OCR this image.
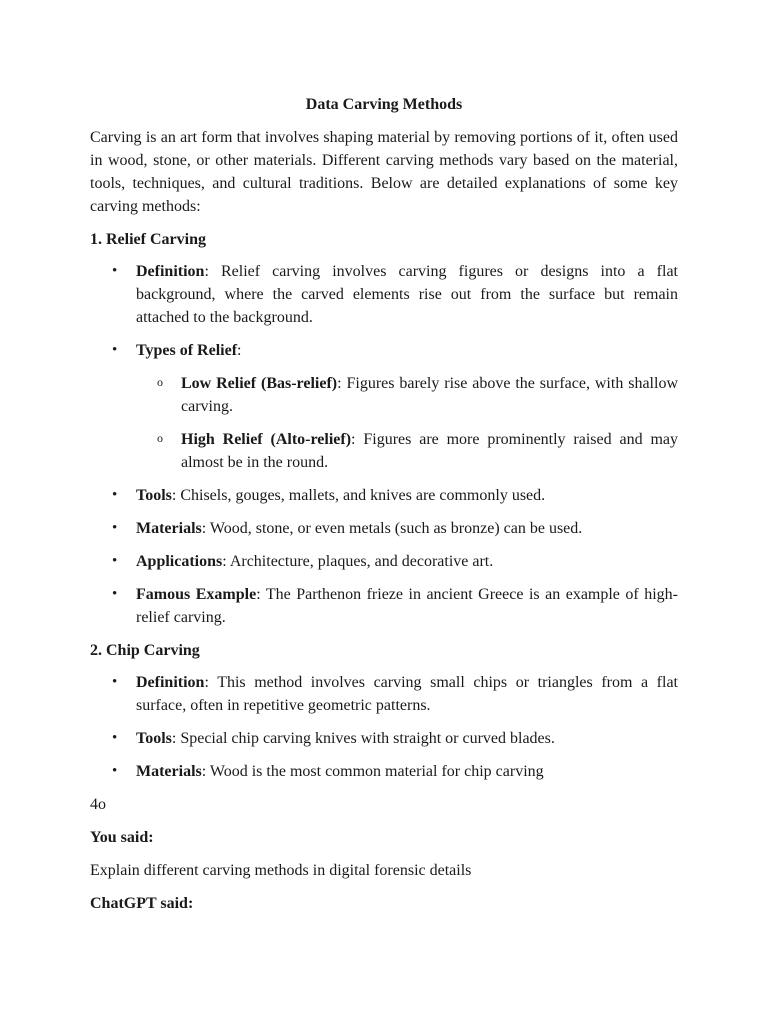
Data Carving Methods

Carving is an art form that involves shaping material by removing portions of it, often used in wood, stone, or other materials. Different carving methods vary based on the material, tools, techniques, and cultural traditions. Below are detailed explanations of some key carving methods:

1. Relief Carving

• Definition: Relief carving involves carving figures or designs into a flat background, where the carved elements rise out from the surface but remain attached to the background.
• Types of Relief:
o Low Relief (Bas-relief): Figures barely rise above the surface, with shallow carving.
o High Relief (Alto-relief): Figures are more prominently raised and may almost be in the round.
• Tools: Chisels, gouges, mallets, and knives are commonly used.
• Materials: Wood, stone, or even metals (such as bronze) can be used.
• Applications: Architecture, plaques, and decorative art.
• Famous Example: The Parthenon frieze in ancient Greece is an example of high-relief carving.

2. Chip Carving

• Definition: This method involves carving small chips or triangles from a flat surface, often in repetitive geometric patterns.
• Tools: Special chip carving knives with straight or curved blades.
• Materials: Wood is the most common material for chip carving

4o

You said:

Explain different carving methods in digital forensic details

ChatGPT said:
